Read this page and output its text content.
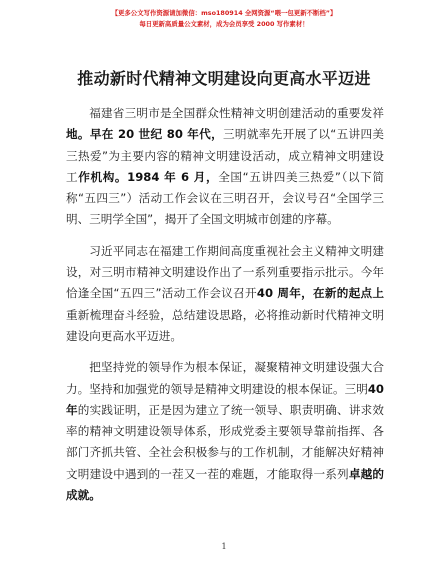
【更多公文写作资源请加微信：mso180914 全网资源“喂一包更新不断档”】
每日更新高质量公文素材，成为会员享受 2000 写作素材！
推动新时代精神文明建设向更高水平迈进

福建省三明市是全国群众性精神文明创建活动的重要发祥地。早在 20 世纪 80 年代，三明就率先开展了以“五讲四美三热爱”为主要内容的精神文明建设活动，成立精神文明建设工作机构。1984 年 6 月，全国“五讲四美三热爱”（以下简称“五四三”）活动工作会议在三明召开，会议号召“全国学三明、三明学全国”，揭开了全国文明城市创建的序幕。

习近平同志在福建工作期间高度重视社会主义精神文明建设，对三明市精神文明建设作出了一系列重要指示批示。今年恰逢全国“五四三”活动工作会议召开40 周年，在新的起点上重新梳理奋斗经验，总结建设思路，必将推动新时代精神文明建设向更高水平迈进。

把坚持党的领导作为根本保证，凝聚精神文明建设强大合力。坚持和加强党的领导是精神文明建设的根本保证。三明40 年的实践证明，正是因为建立了统一领导、职责明确、讲求效率的精神文明建设领导体系，形成党委主要领导靠前指挥、各部门齐抓共管、全社会积极参与的工作机制，才能解决好精神文明建设中遇到的一茬又一茬的难题，才能取得一系列卓越的成就。

1
